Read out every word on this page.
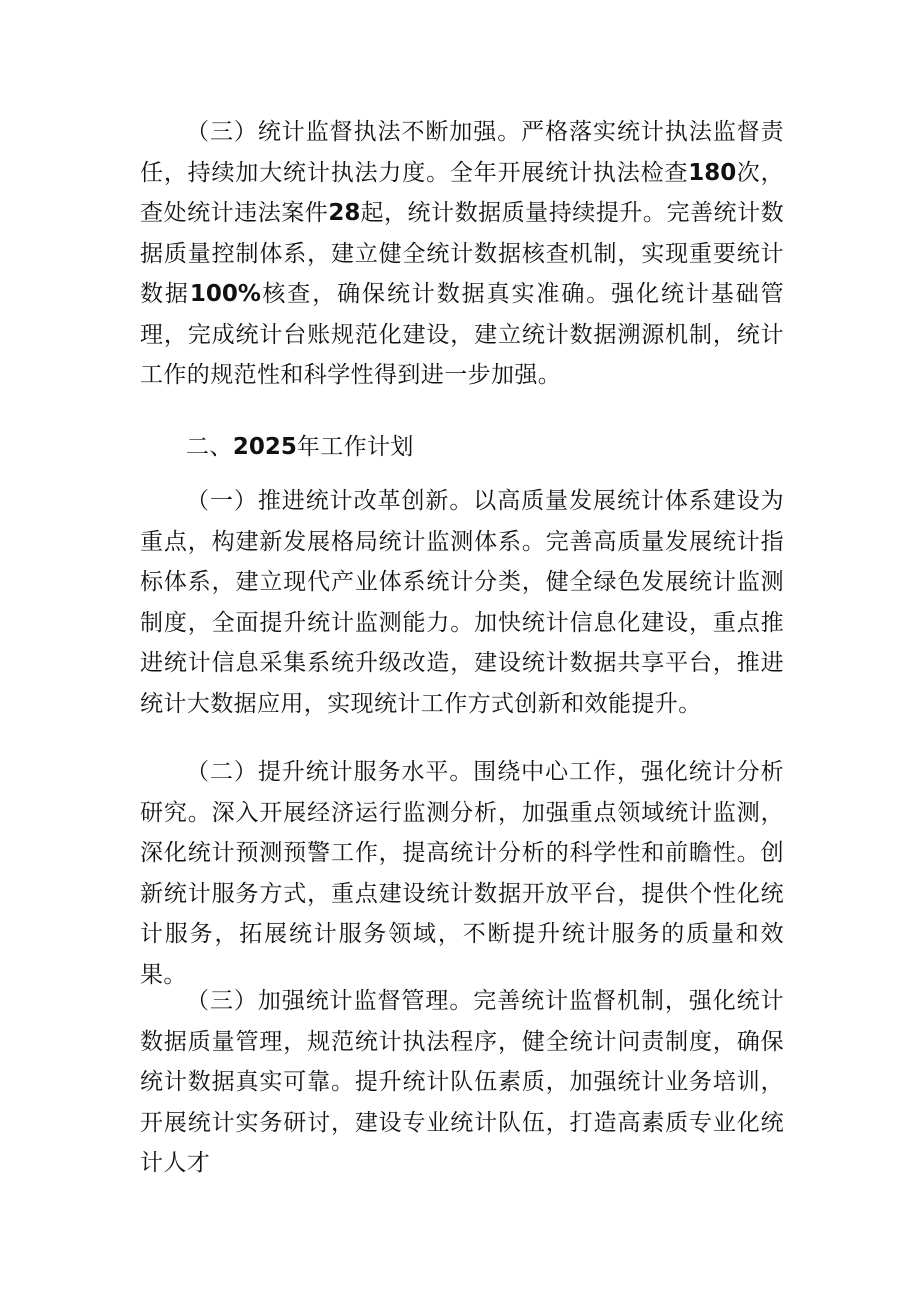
（三）统计监督执法不断加强。严格落实统计执法监督责任，持续加大统计执法力度。全年开展统计执法检查180次，查处统计违法案件28起，统计数据质量持续提升。完善统计数据质量控制体系，建立健全统计数据核查机制，实现重要统计数据100%核查，确保统计数据真实准确。强化统计基础管理，完成统计台账规范化建设，建立统计数据溯源机制，统计工作的规范性和科学性得到进一步加强。

二、2025年工作计划

（一）推进统计改革创新。以高质量发展统计体系建设为重点，构建新发展格局统计监测体系。完善高质量发展统计指标体系，建立现代产业体系统计分类，健全绿色发展统计监测制度，全面提升统计监测能力。加快统计信息化建设，重点推进统计信息采集系统升级改造，建设统计数据共享平台，推进统计大数据应用，实现统计工作方式创新和效能提升。

（二）提升统计服务水平。围绕中心工作，强化统计分析研究。深入开展经济运行监测分析，加强重点领域统计监测，深化统计预测预警工作，提高统计分析的科学性和前瞻性。创新统计服务方式，重点建设统计数据开放平台，提供个性化统计服务，拓展统计服务领域，不断提升统计服务的质量和效果。

（三）加强统计监督管理。完善统计监督机制，强化统计数据质量管理，规范统计执法程序，健全统计问责制度，确保统计数据真实可靠。提升统计队伍素质，加强统计业务培训，开展统计实务研讨，建设专业统计队伍，打造高素质专业化统计人才
